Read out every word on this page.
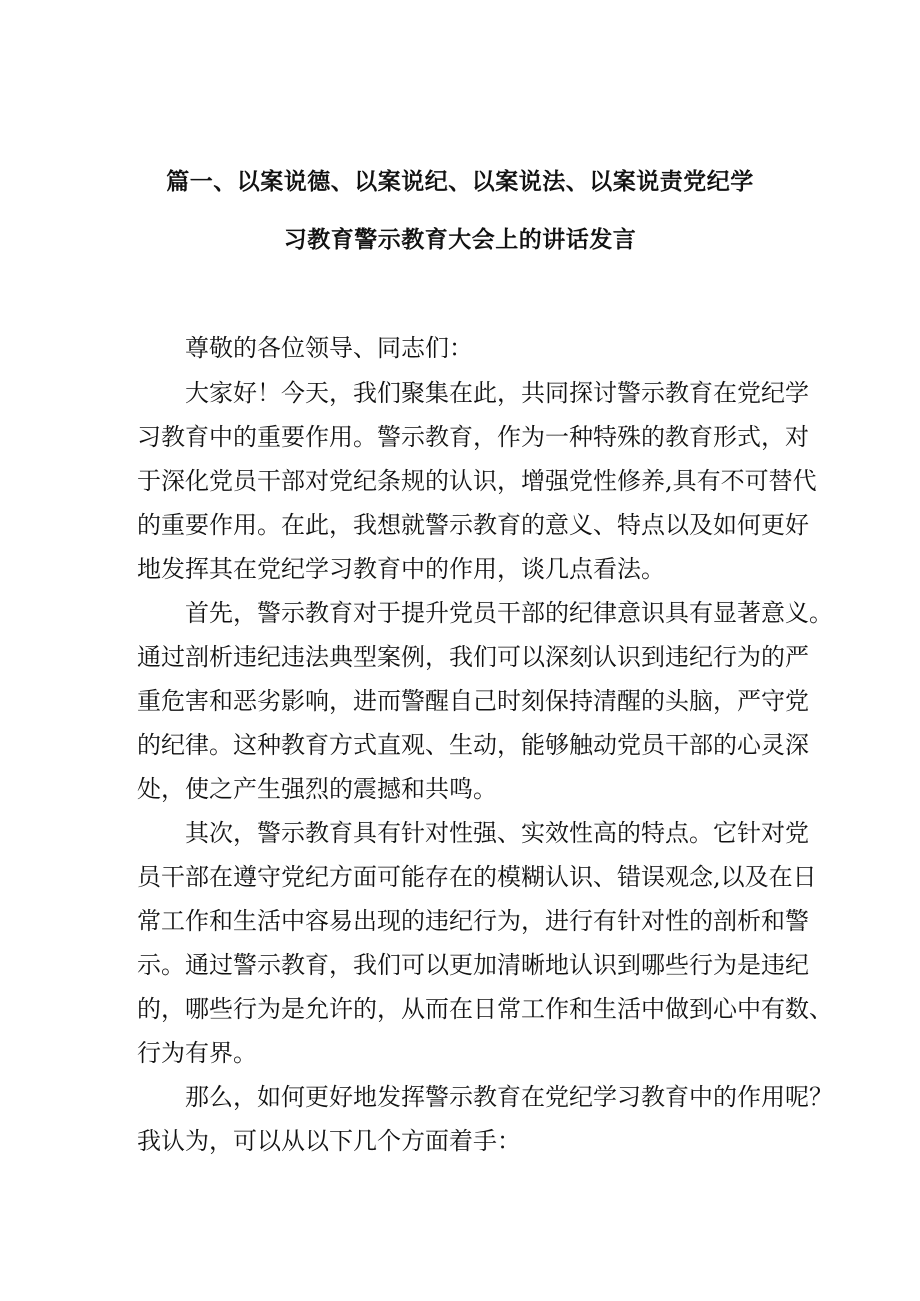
篇一、以案说德、以案说纪、以案说法、以案说责党纪学
习教育警示教育大会上的讲话发言
尊敬的各位领导、同志们：
大家好！今天，我们聚集在此，共同探讨警示教育在党纪学
习教育中的重要作用。警示教育，作为一种特殊的教育形式，对
于深化党员干部对党纪条规的认识，增强党性修养,具有不可替代
的重要作用。在此，我想就警示教育的意义、特点以及如何更好
地发挥其在党纪学习教育中的作用，谈几点看法。
首先，警示教育对于提升党员干部的纪律意识具有显著意义。
通过剖析违纪违法典型案例，我们可以深刻认识到违纪行为的严
重危害和恶劣影响，进而警醒自己时刻保持清醒的头脑，严守党
的纪律。这种教育方式直观、生动，能够触动党员干部的心灵深
处，使之产生强烈的震撼和共鸣。
其次，警示教育具有针对性强、实效性高的特点。它针对党
员干部在遵守党纪方面可能存在的模糊认识、错误观念,以及在日
常工作和生活中容易出现的违纪行为，进行有针对性的剖析和警
示。通过警示教育，我们可以更加清晰地认识到哪些行为是违纪
的，哪些行为是允许的，从而在日常工作和生活中做到心中有数、
行为有界。
那么，如何更好地发挥警示教育在党纪学习教育中的作用呢？
我认为，可以从以下几个方面着手：
